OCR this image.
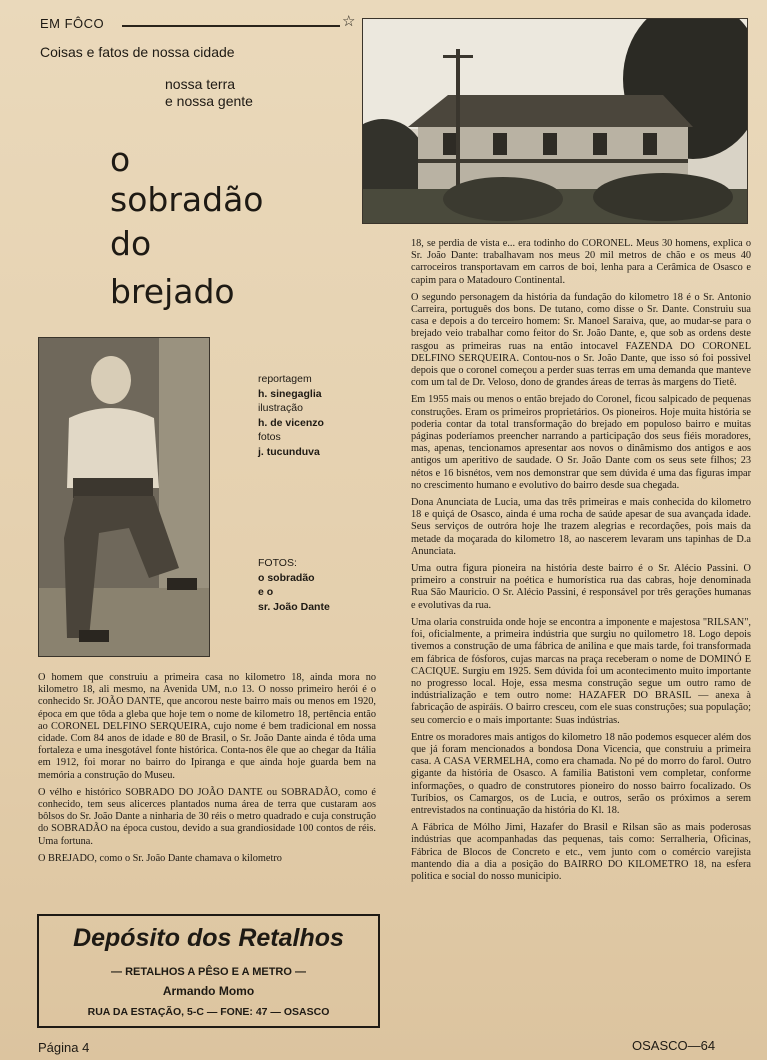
EM FÔCO	☆
Coisas e fatos de nossa cidade
nossa terra
e nossa gente
o
sobradão
do
brejado
reportagem
h. sinegaglia
ilustração
h. de vicenzo
fotos
j. tucunduva
FOTOS:
o sobradão
e o
sr. João Dante

O homem que construiu a primeira casa no kilometro 18, ainda mora no kilometro 18, ali mesmo, na Avenida UM, n.o 13. O nosso primeiro herói é o conhecido Sr. JOÃO DANTE, que ancorou neste bairro mais ou menos em 1920, época em que tôda a gleba que hoje tem o nome de kilometro 18, pertência então ao CORONEL DELFINO SERQUEIRA, cujo nome é bem tradicional em nossa cidade. Com 84 anos de idade e 80 de Brasil, o Sr. João Dante ainda é tôda uma fortaleza e uma inesgotável fonte histórica. Conta-nos êle que ao chegar da Itália em 1912, foi morar no bairro do Ipiranga e que ainda hoje guarda bem na memória a construção do Museu.

O vélho e histórico SOBRADO DO JOÃO DANTE ou SOBRADÃO, como é conhecido, tem seus alicerces plantados numa área de terra que custaram aos bôlsos do Sr. João Dante a ninharia de 30 réis o metro quadrado e cuja construção do SOBRADÃO na época custou, devido a sua grandiosidade 100 contos de réis. Uma fortuna.

O BREJADO, como o Sr. João Dante chamava o kilometro

18, se perdia de vista e... era todinho do CORONEL. Meus 30 homens, explica o Sr. João Dante: trabalhavam nos meus 20 mil metros de chão e os meus 40 carroceiros transportavam em carros de boi, lenha para a Cerâmica de Osasco e capim para o Matadouro Continental.

O segundo personagem da história da fundação do kilometro 18 é o Sr. Antonio Carreira, português dos bons. De tutano, como disse o Sr. Dante. Construiu sua casa e depois a do terceiro homem: Sr. Manoel Saraiva, que, ao mudar-se para o brejado veio trabalhar como feitor do Sr. João Dante, e, que sob as ordens deste rasgou as primeiras ruas na então intocavel FAZENDA DO CORONEL DELFINO SERQUEIRA. Contou-nos o Sr. João Dante, que isso só foi possivel depois que o coronel começou a perder suas terras em uma demanda que manteve com um tal de Dr. Veloso, dono de grandes áreas de terras às margens do Tietê.

Em 1955 mais ou menos o então brejado do Coronel, ficou salpicado de pequenas construções. Eram os primeiros proprietários. Os pioneiros. Hoje muita história se poderia contar da total transformação do brejado em populoso bairro e muitas páginas poderíamos preencher narrando a participação dos seus fiéis moradores, mas, apenas, tencionamos apresentar aos novos o dinâmismo dos antigos e aos antigos um aperitivo de saudade. O Sr. João Dante com os seus sete filhos; 23 nétos e 16 bisnétos, vem nos demonstrar que sem dúvida é uma das figuras impar no crescimento humano e evolutivo do bairro desde sua chegada.

Dona Anunciata de Lucia, uma das três primeiras e mais conhecida do kilometro 18 e quiçá de Osasco, ainda é uma rocha de saúde apesar de sua avançada idade. Seus serviços de outróra hoje lhe trazem alegrias e recordações, pois mais da metade da moçarada do kilometro 18, ao nascerem levaram uns tapinhas de D.a Anunciata.

Uma outra figura pioneira na história deste bairro é o Sr. Alécio Passini. O primeiro a construir na poética e humorística rua das cabras, hoje denominada Rua São Mauricio. O Sr. Alécio Passini, é responsável por três gerações humanas e evolutivas da rua.

Uma olaria construida onde hoje se encontra a imponente e majestosa "RILSAN", foi, oficialmente, a primeira indústria que surgiu no quilometro 18. Logo depois tivemos a construção de uma fábrica de anilina e que mais tarde, foi transformada em fábrica de fósforos, cujas marcas na praça receberam o nome de DOMINÓ E CACIQUE. Surgiu em 1925. Sem dúvida foi um acontecimento muito importante no progresso local. Hoje, essa mesma construção segue um outro ramo de indústrialização e tem outro nome: HAZAFER DO BRASIL — anexa à fabricação de aspiráis. O bairro cresceu, com ele suas construções; sua população; seu comercio e o mais importante: Suas indústrias.

Entre os moradores mais antigos do kilometro 18 não podemos esquecer além dos que já foram mencionados a bondosa Dona Vicencia, que construiu a primeira casa. A CASA VERMELHA, como era chamada. No pé do morro do farol. Outro gigante da história de Osasco. A familia Batistoni vem completar, conforme informações, o quadro de construtores pioneiro do nosso bairro focalizado. Os Turíbios, os Camargos, os de Lucia, e outros, serão os próximos a serem entrevistados na continuação da história do Kl. 18.

A Fábrica de Mólho Jimi, Hazafer do Brasil e Rilsan são as mais poderosas indústrias que acompanhadas das pequenas, tais como: Serralheria, Oficinas, Fábrica de Blocos de Concreto e etc., vem junto com o comércio varejista mantendo dia a dia a posição do BAIRRO DO KILOMETRO 18, na esfera politica e social do nosso municipio.

Depósito dos Retalhos
— RETALHOS A PÊSO E A METRO —
Armando Momo
RUA DA ESTAÇÃO, 5-C — FONE: 47 — OSASCO
Página 4	OSASCO—64
